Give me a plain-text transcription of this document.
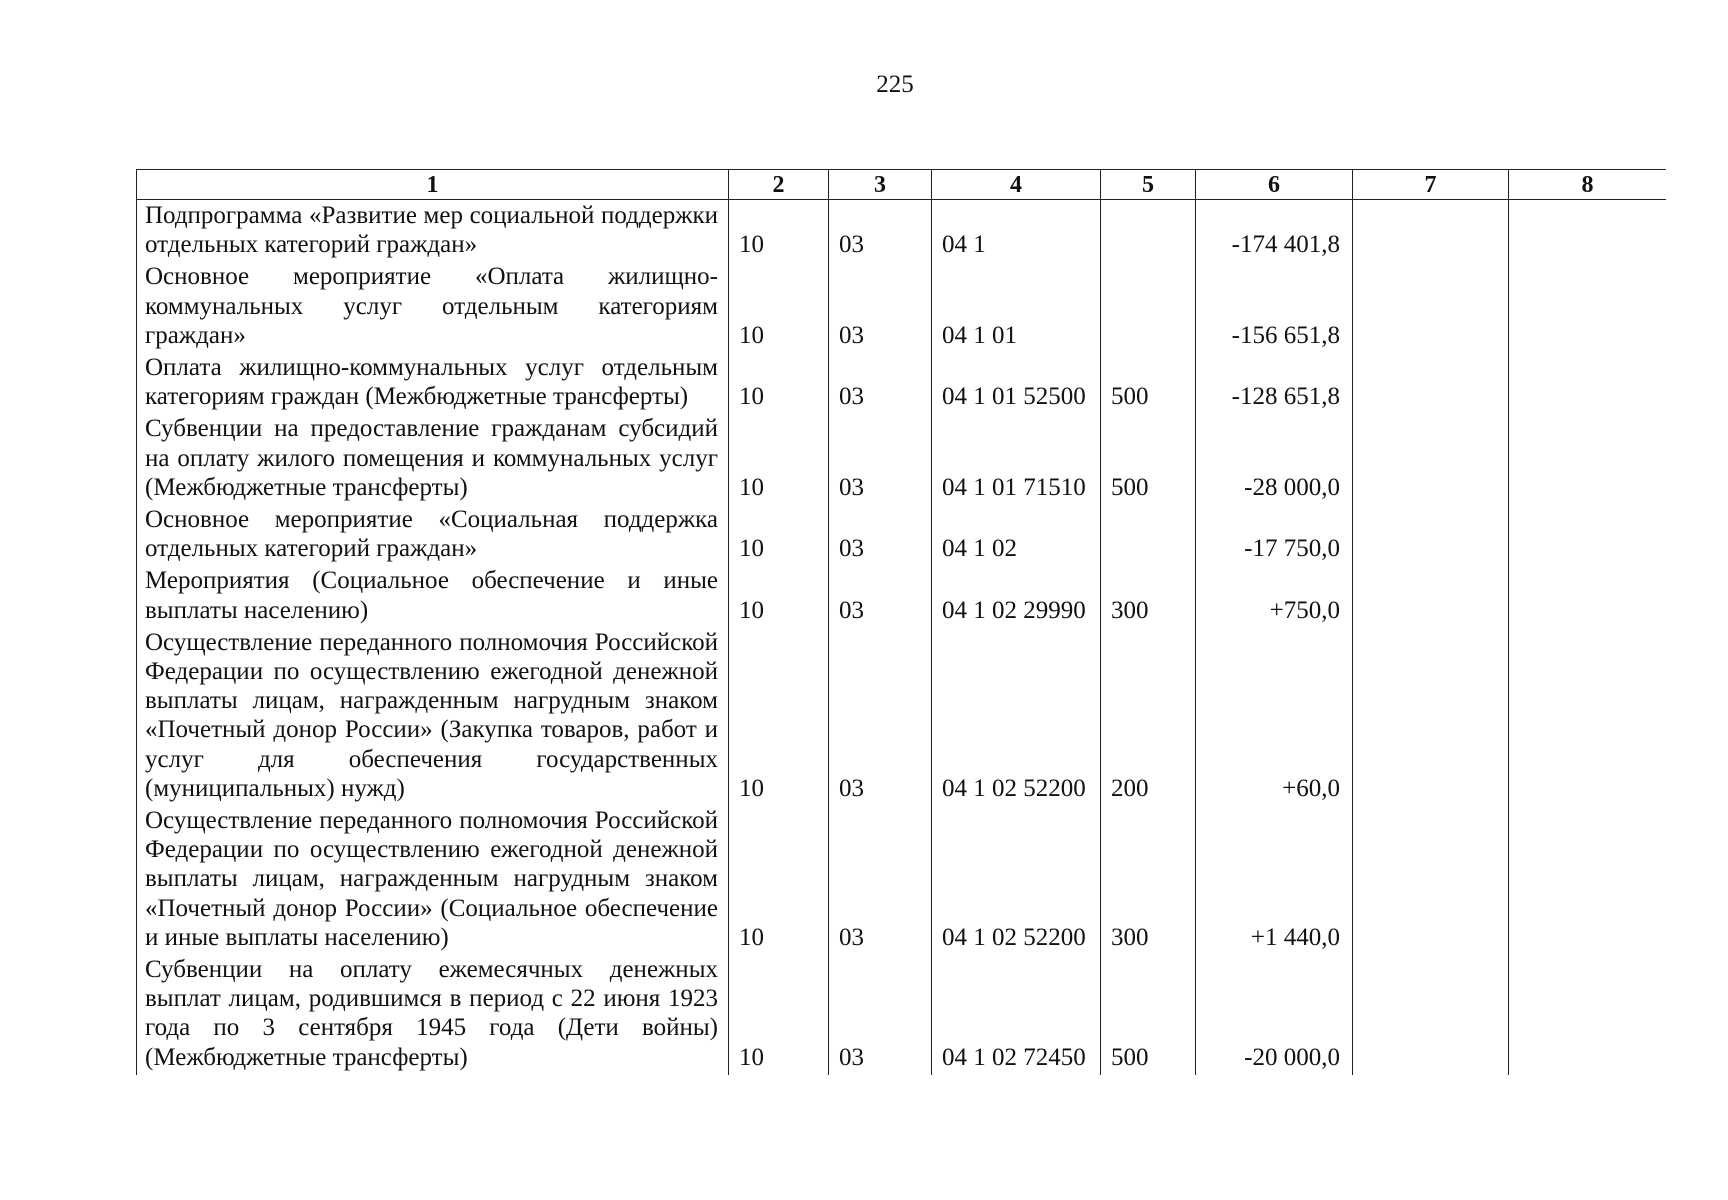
225
1	2	3	4	5	6	7	8
Подпрограмма «Развитие мер социальной поддержки отдельных категорий граждан»	10	03	04 1		-174 401,8		
Основное мероприятие «Оплата жилищно-коммунальных услуг отдельным категориям граждан»	10	03	04 1 01		-156 651,8		
Оплата жилищно-коммунальных услуг отдельным категориям граждан (Межбюджетные трансферты)	10	03	04 1 01 52500	500	-128 651,8		
Субвенции на предоставление гражданам субсидий на оплату жилого помещения и коммунальных услуг (Межбюджетные трансферты)	10	03	04 1 01 71510	500	-28 000,0		
Основное мероприятие «Социальная поддержка отдельных категорий граждан»	10	03	04 1 02		-17 750,0		
Мероприятия (Социальное обеспечение и иные выплаты населению)	10	03	04 1 02 29990	300	+750,0		
Осуществление переданного полномочия Российской Федерации по осуществлению ежегодной денежной выплаты лицам, награжденным нагрудным знаком «Почетный донор России» (Закупка товаров, работ и услуг для обеспечения государственных (муниципальных) нужд)	10	03	04 1 02 52200	200	+60,0		
Осуществление переданного полномочия Российской Федерации по осуществлению ежегодной денежной выплаты лицам, награжденным нагрудным знаком «Почетный донор России» (Социальное обеспечение и иные выплаты населению)	10	03	04 1 02 52200	300	+1 440,0		
Субвенции на оплату ежемесячных денежных выплат лицам, родившимся в период с 22 июня 1923 года по 3 сентября 1945 года (Дети войны) (Межбюджетные трансферты)	10	03	04 1 02 72450	500	-20 000,0		
